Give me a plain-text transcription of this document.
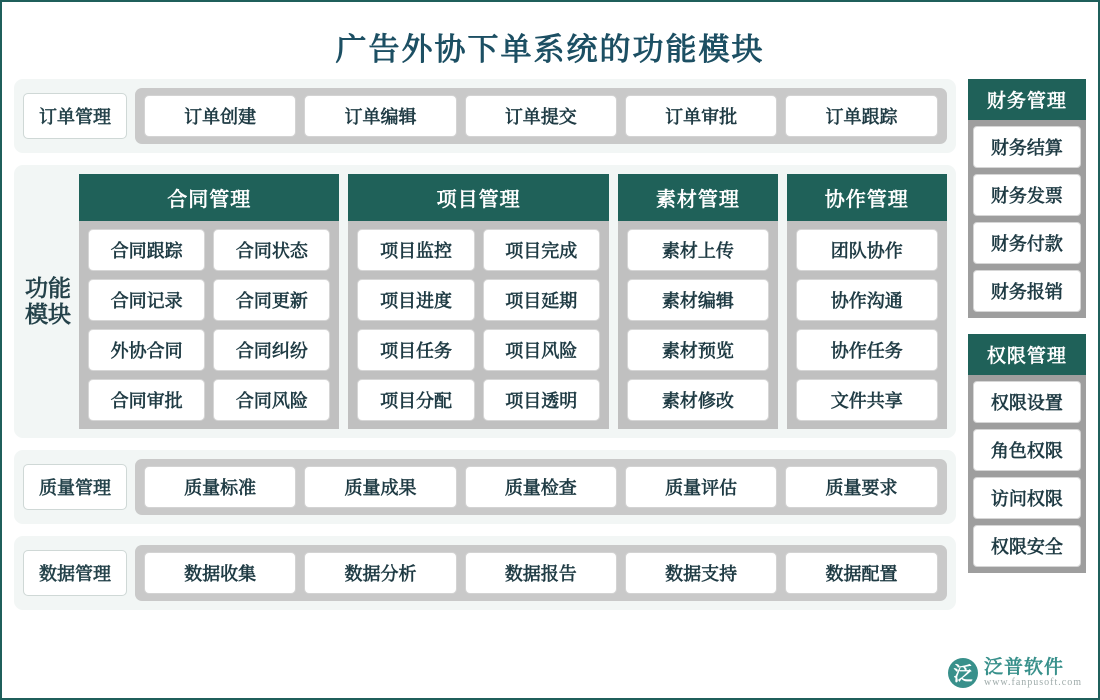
广告外协下单系统的功能模块
订单管理	订单创建	订单编辑	订单提交	订单审批	订单跟踪
功能模块
合同管理
合同跟踪	合同状态
合同记录	合同更新
外协合同	合同纠纷
合同审批	合同风险
项目管理
项目监控	项目完成
项目进度	项目延期
项目任务	项目风险
项目分配	项目透明
素材管理
素材上传
素材编辑
素材预览
素材修改
协作管理
团队协作
协作沟通
协作任务
文件共享
质量管理	质量标准	质量成果	质量检查	质量评估	质量要求
数据管理	数据收集	数据分析	数据报告	数据支持	数据配置
财务管理
财务结算
财务发票
财务付款
财务报销
权限管理
权限设置
角色权限
访问权限
权限安全
泛 泛普软件
www.fanpusoft.com
